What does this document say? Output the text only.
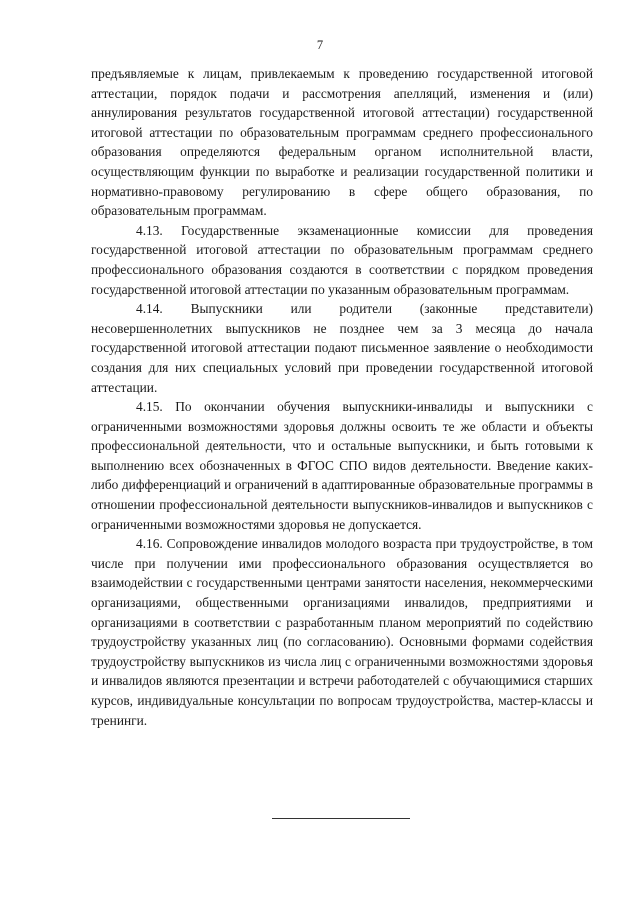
7

предъявляемые к лицам, привлекаемым к проведению государственной итоговой аттестации, порядок подачи и рассмотрения апелляций, изменения и (или) аннулирования результатов государственной итоговой аттестации) государственной итоговой аттестации по образовательным программам среднего профессионального образования определяются федеральным органом исполнительной власти, осуществляющим функции по выработке и реализации государственной политики и нормативно-правовому регулированию в сфере общего образования, по образовательным программам.

4.13. Государственные экзаменационные комиссии для проведения государственной итоговой аттестации по образовательным программам среднего профессионального образования создаются в соответствии с порядком проведения государственной итоговой аттестации по указанным образовательным программам.

4.14. Выпускники или родители (законные представители) несовершеннолетних выпускников не позднее чем за 3 месяца до начала государственной итоговой аттестации подают письменное заявление о необходимости создания для них специальных условий при проведении государственной итоговой аттестации.

4.15. По окончании обучения выпускники-инвалиды и выпускники с ограниченными возможностями здоровья должны освоить те же области и объекты профессиональной деятельности, что и остальные выпускники, и быть готовыми к выполнению всех обозначенных в ФГОС СПО видов деятельности. Введение каких-либо дифференциаций и ограничений в адаптированные образовательные программы в отношении профессиональной деятельности выпускников-инвалидов и выпускников с ограниченными возможностями здоровья не допускается.

4.16. Сопровождение инвалидов молодого возраста при трудоустройстве, в том числе при получении ими профессионального образования осуществляется во взаимодействии с государственными центрами занятости населения, некоммерческими организациями, общественными организациями инвалидов, предприятиями и организациями в соответствии с разработанным планом мероприятий по содействию трудоустройству указанных лиц (по согласованию). Основными формами содействия трудоустройству выпускников из числа лиц с ограниченными возможностями здоровья и инвалидов являются презентации и встречи работодателей с обучающимися старших курсов, индивидуальные консультации по вопросам трудоустройства, мастер-классы и тренинги.
